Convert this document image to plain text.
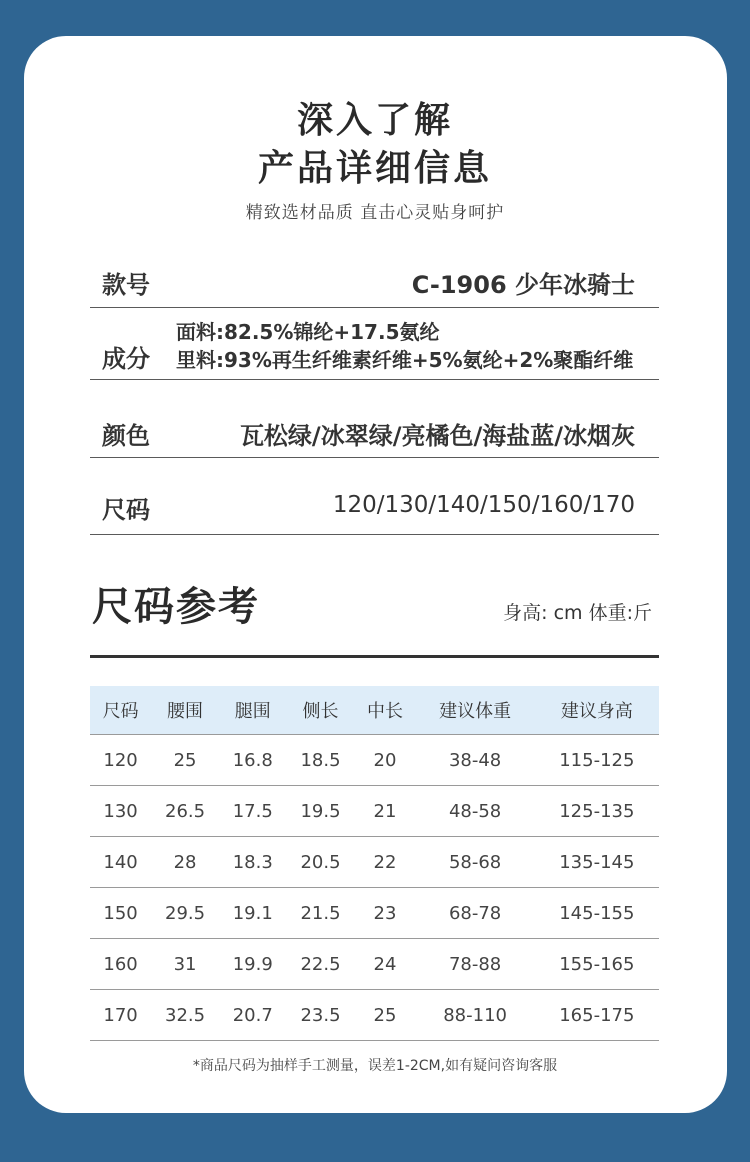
深入了解
产品详细信息
精致选材品质 直击心灵贴身呵护
款号	C-1906 少年冰骑士
成分
面料:82.5%锦纶+17.5氨纶
里料:93%再生纤维素纤维+5%氨纶+2%聚酯纤维
颜色	瓦松绿/冰翠绿/亮橘色/海盐蓝/冰烟灰
尺码	120/130/140/150/160/170
尺码参考	身高: cm 体重:斤
尺码	腰围	腿围	侧长	中长	建议体重	建议身高
120	25	16.8	18.5	20	38-48	115-125
130	26.5	17.5	19.5	21	48-58	125-135
140	28	18.3	20.5	22	58-68	135-145
150	29.5	19.1	21.5	23	68-78	145-155
160	31	19.9	22.5	24	78-88	155-165
170	32.5	20.7	23.5	25	88-110	165-175
*商品尺码为抽样手工测量，误差1-2CM,如有疑问咨询客服
